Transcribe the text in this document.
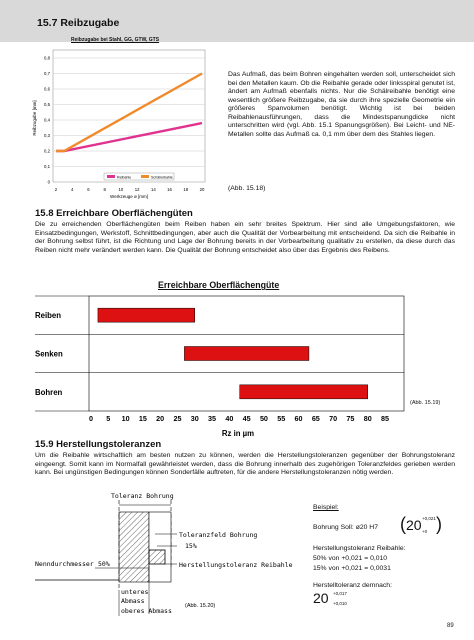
15.7 Reibzugabe
Reibzugabe bei Stahl, GG, GTW, GTS
0
0,1
0,2
0,3
0,4
0,5
0,6
0,7
0,8
2	4	6	8	10	12	14	16	18	20
Reibzugabe [mm]
Werkzeuge ø [mm]
Reibahle	Schälreibahle
Das Aufmaß, das beim Bohren eingehalten werden soll, unterscheidet sich bei den Metallen kaum. Ob die Reibahle gerade oder linksspiral genutet ist, ändert am Aufmaß ebenfalls nichts. Nur die Schälreibahle benötigt eine wesentlich größere Reibzugabe, da sie durch ihre spezielle Geometrie ein größeres Spanvolumen benötigt. Wichtig ist bei beiden Reibahlenausführungen, dass die Mindestspanungdicke nicht unterschritten wird (vgl. Abb. 15.1 Spanungsgrößen). Bei Leicht- und NE-Metallen sollte das Aufmaß ca. 0,1 mm über dem des Stahles liegen.
(Abb. 15.18)
15.8 Erreichbare Oberflächengüten
Die zu erreichenden Oberflächengüten beim Reiben haben ein sehr breites Spektrum. Hier sind alle Umgebungsfaktoren, wie Einsatzbedingungen, Werkstoff, Schnittbedingungen, aber auch die Qualität der Vorbearbeitung mit entscheidend. Da sich die Reibahle in der Bohrung selbst führt, ist die Richtung und Lage der Bohrung bereits in der Vorbearbeitung qualitativ zu erstellen, da diese durch das Reiben nicht mehr verändert werden kann. Die Qualität der Bohrung entscheidet also über das Ergebnis des Reibens.
Erreichbare Oberflächengüte
Reiben
Senken
Bohren
0 5 10 15 20 25 30 35 40 45 50 55 60 65 70 75 80 85
Rz in µm
(Abb. 15.19)
15.9 Herstellungstoleranzen
Um die Reibahle wirtschaftlich am besten nutzen zu können, werden die Herstellungstoleranzen gegenüber der Bohrungstoleranz eingeengt. Somit kann im Normalfall gewährleistet werden, dass die Bohrung innerhalb des zugehörigen Toleranzfeldes gerieben werden kann. Bei ungünstigen Bedingungen können Sonderfälle auftreten, für die andere Herstellungstoleranzen nötig werden.
Toleranz Bohrung
Toleranzfeld Bohrung
15%
Herstellungstoleranz Reibahle
Nenndurchmesser 50%
unteres
Abmass
oberes Abmass
(Abb. 15.20)
Beispiel:
Bohrung Soll: ø20 H7 (20 +0,021
+0 )
Herstellungstoleranz Reibahle:
50% von +0,021 = 0,010
15% von +0,021 = 0,0031
Herstelltoleranz demnach:
20 +0,017
+0,010
89
